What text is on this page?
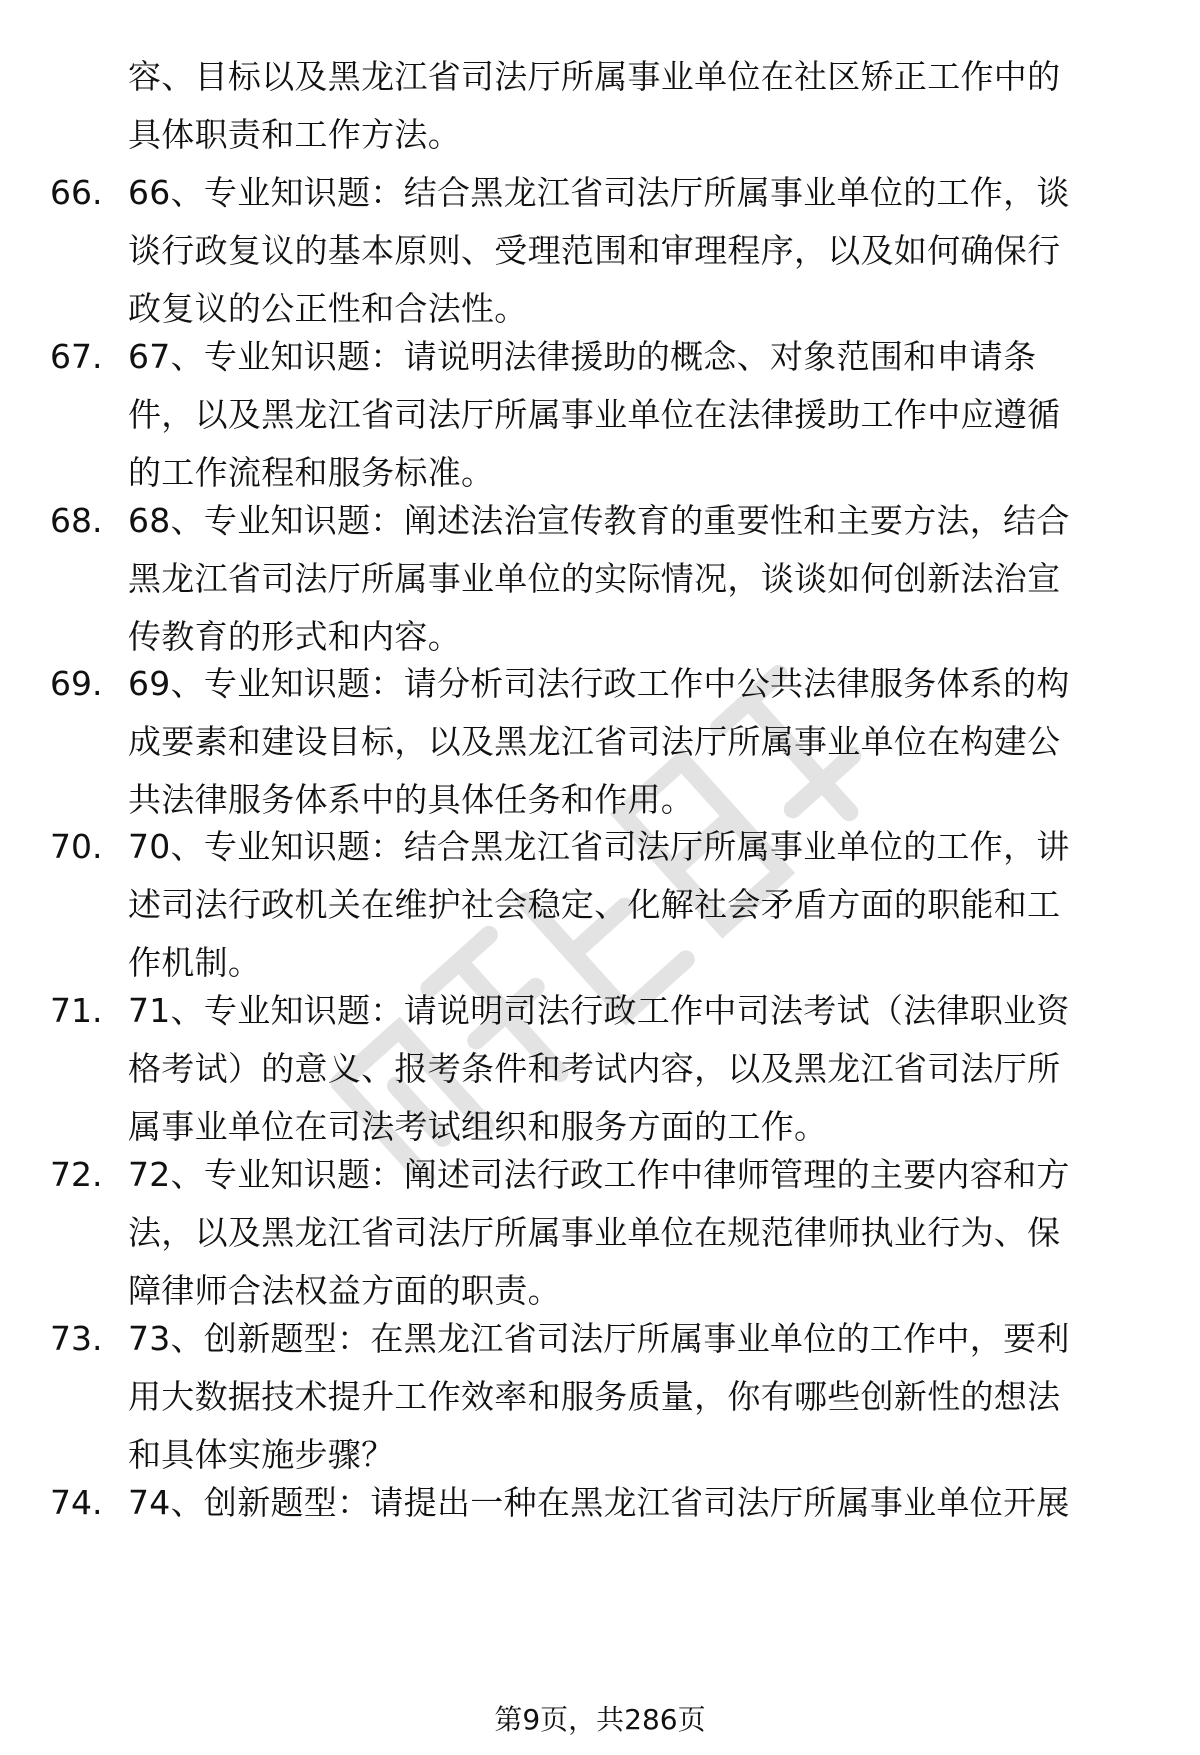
容、目标以及黑龙江省司法厅所属事业单位在社区矫正工作中的
具体职责和工作方法。
66. 66、专业知识题：结合黑龙江省司法厅所属事业单位的工作，谈
谈行政复议的基本原则、受理范围和审理程序，以及如何确保行
政复议的公正性和合法性。
67. 67、专业知识题：请说明法律援助的概念、对象范围和申请条
件，以及黑龙江省司法厅所属事业单位在法律援助工作中应遵循
的工作流程和服务标准。
68. 68、专业知识题：阐述法治宣传教育的重要性和主要方法，结合
黑龙江省司法厅所属事业单位的实际情况，谈谈如何创新法治宣
传教育的形式和内容。
69. 69、专业知识题：请分析司法行政工作中公共法律服务体系的构
成要素和建设目标，以及黑龙江省司法厅所属事业单位在构建公
共法律服务体系中的具体任务和作用。
70. 70、专业知识题：结合黑龙江省司法厅所属事业单位的工作，讲
述司法行政机关在维护社会稳定、化解社会矛盾方面的职能和工
作机制。
71. 71、专业知识题：请说明司法行政工作中司法考试（法律职业资
格考试）的意义、报考条件和考试内容，以及黑龙江省司法厅所
属事业单位在司法考试组织和服务方面的工作。
72. 72、专业知识题：阐述司法行政工作中律师管理的主要内容和方
法，以及黑龙江省司法厅所属事业单位在规范律师执业行为、保
障律师合法权益方面的职责。
73. 73、创新题型：在黑龙江省司法厅所属事业单位的工作中，要利
用大数据技术提升工作效率和服务质量，你有哪些创新性的想法
和具体实施步骤？
74. 74、创新题型：请提出一种在黑龙江省司法厅所属事业单位开展
第9页，共286页
